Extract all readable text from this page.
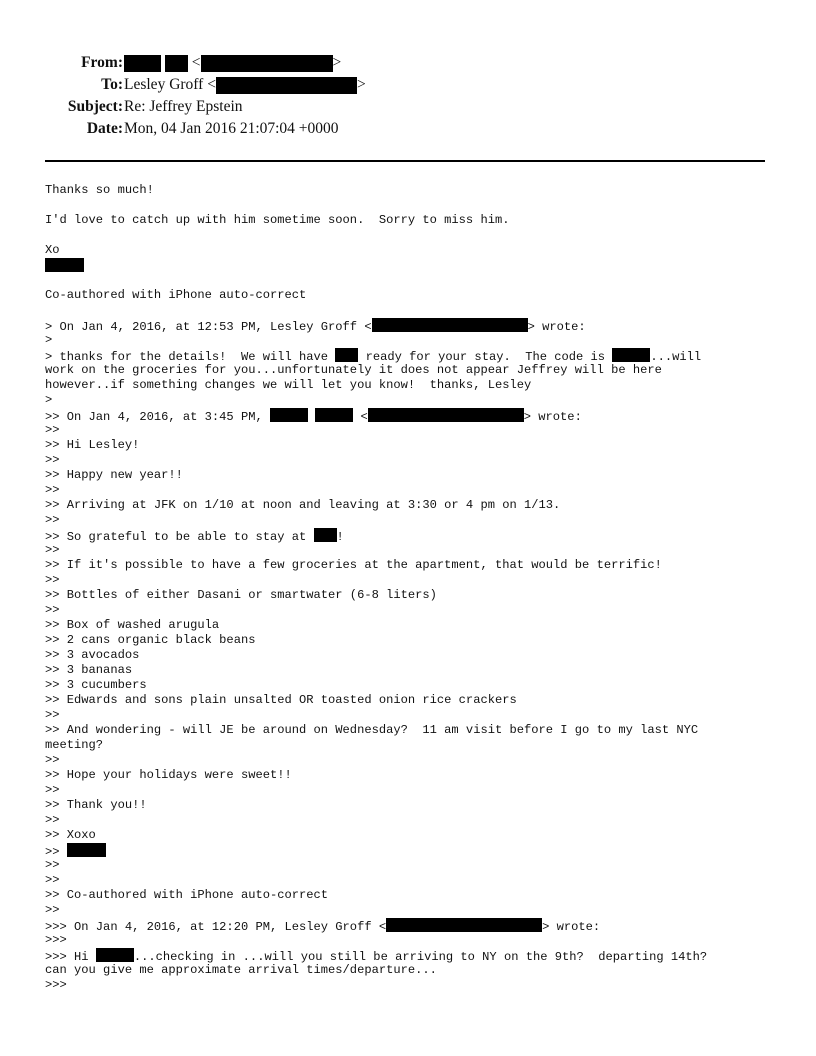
From:	<	>
To: Lesley Groff <	>
Subject: Re: Jeffrey Epstein
Date: Mon, 04 Jan 2016 21:07:04 +0000
Thanks so much!
I'd love to catch up with him sometime soon.  Sorry to miss him.
Xo
Co-authored with iPhone auto-correct
> On Jan 4, 2016, at 12:53 PM, Lesley Groff <	> wrote:
>
> thanks for the details!  We will have  ready for your stay.  The code is	...will
work on the groceries for you...unfortunately it does not appear Jeffrey will be here
however..if something changes we will let you know!  thanks, Lesley
>
>> On Jan 4, 2016, at 3:45 PM,	<	> wrote:
>>
>> Hi Lesley!
>>
>> Happy new year!!
>>
>> Arriving at JFK on 1/10 at noon and leaving at 3:30 or 4 pm on 1/13.
>>
>> So grateful to be able to stay at !
>>
>> If it's possible to have a few groceries at the apartment, that would be terrific!
>>
>> Bottles of either Dasani or smartwater (6-8 liters)
>>
>> Box of washed arugula
>> 2 cans organic black beans
>> 3 avocados
>> 3 bananas
>> 3 cucumbers
>> Edwards and sons plain unsalted OR toasted onion rice crackers
>>
>> And wondering - will JE be around on Wednesday?  11 am visit before I go to my last NYC
meeting?
>>
>> Hope your holidays were sweet!!
>>
>> Thank you!!
>>
>> Xoxo
>>
>>
>>
>> Co-authored with iPhone auto-correct
>>
>>> On Jan 4, 2016, at 12:20 PM, Lesley Groff <	> wrote:
>>>
>>> Hi	...checking in ...will you still be arriving to NY on the 9th?  departing 14th?
can you give me approximate arrival times/departure...
>>>
